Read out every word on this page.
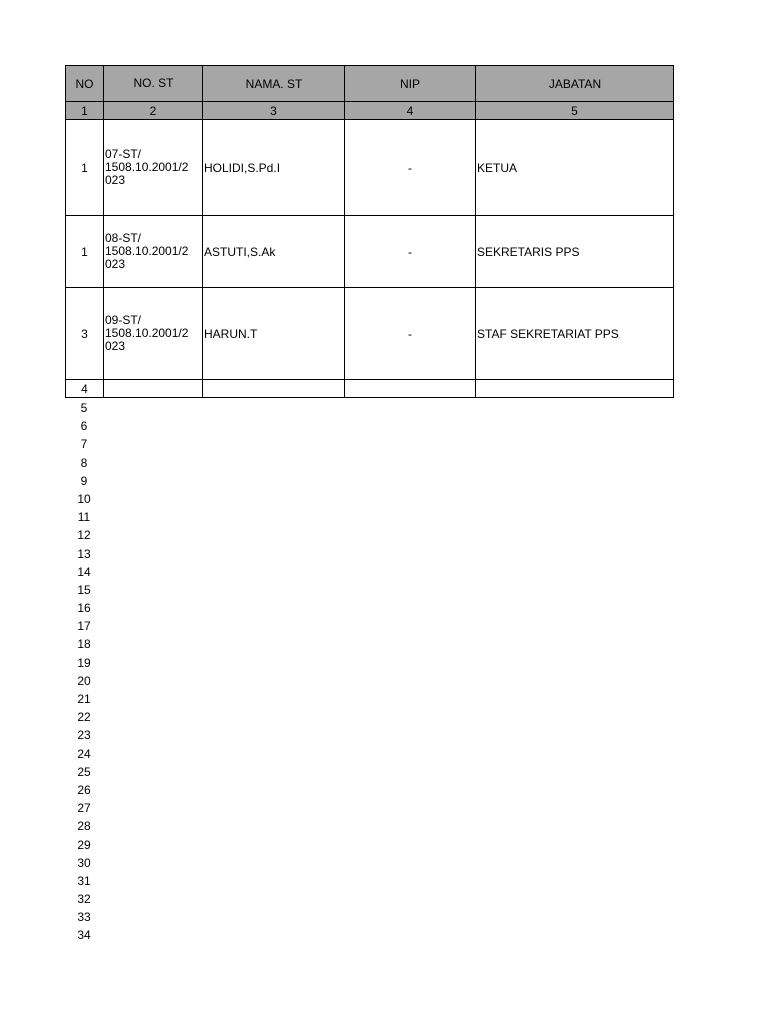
NO	NO. ST	NAMA. ST	NIP	JABATAN
1	2	3	4	5
1	07-ST/
1508.10.2001/2
023	HOLIDI,S.Pd.I	-	KETUA
1	08-ST/
1508.10.2001/2
023	ASTUTI,S.Ak	-	SEKRETARIS PPS
3	09-ST/
1508.10.2001/2
023	HARUN.T	-	STAF SEKRETARIAT PPS
4				
5
6
7
8
9
10
11
12
13
14
15
16
17
18
19
20
21
22
23
24
25
26
27
28
29
30
31
32
33
34
